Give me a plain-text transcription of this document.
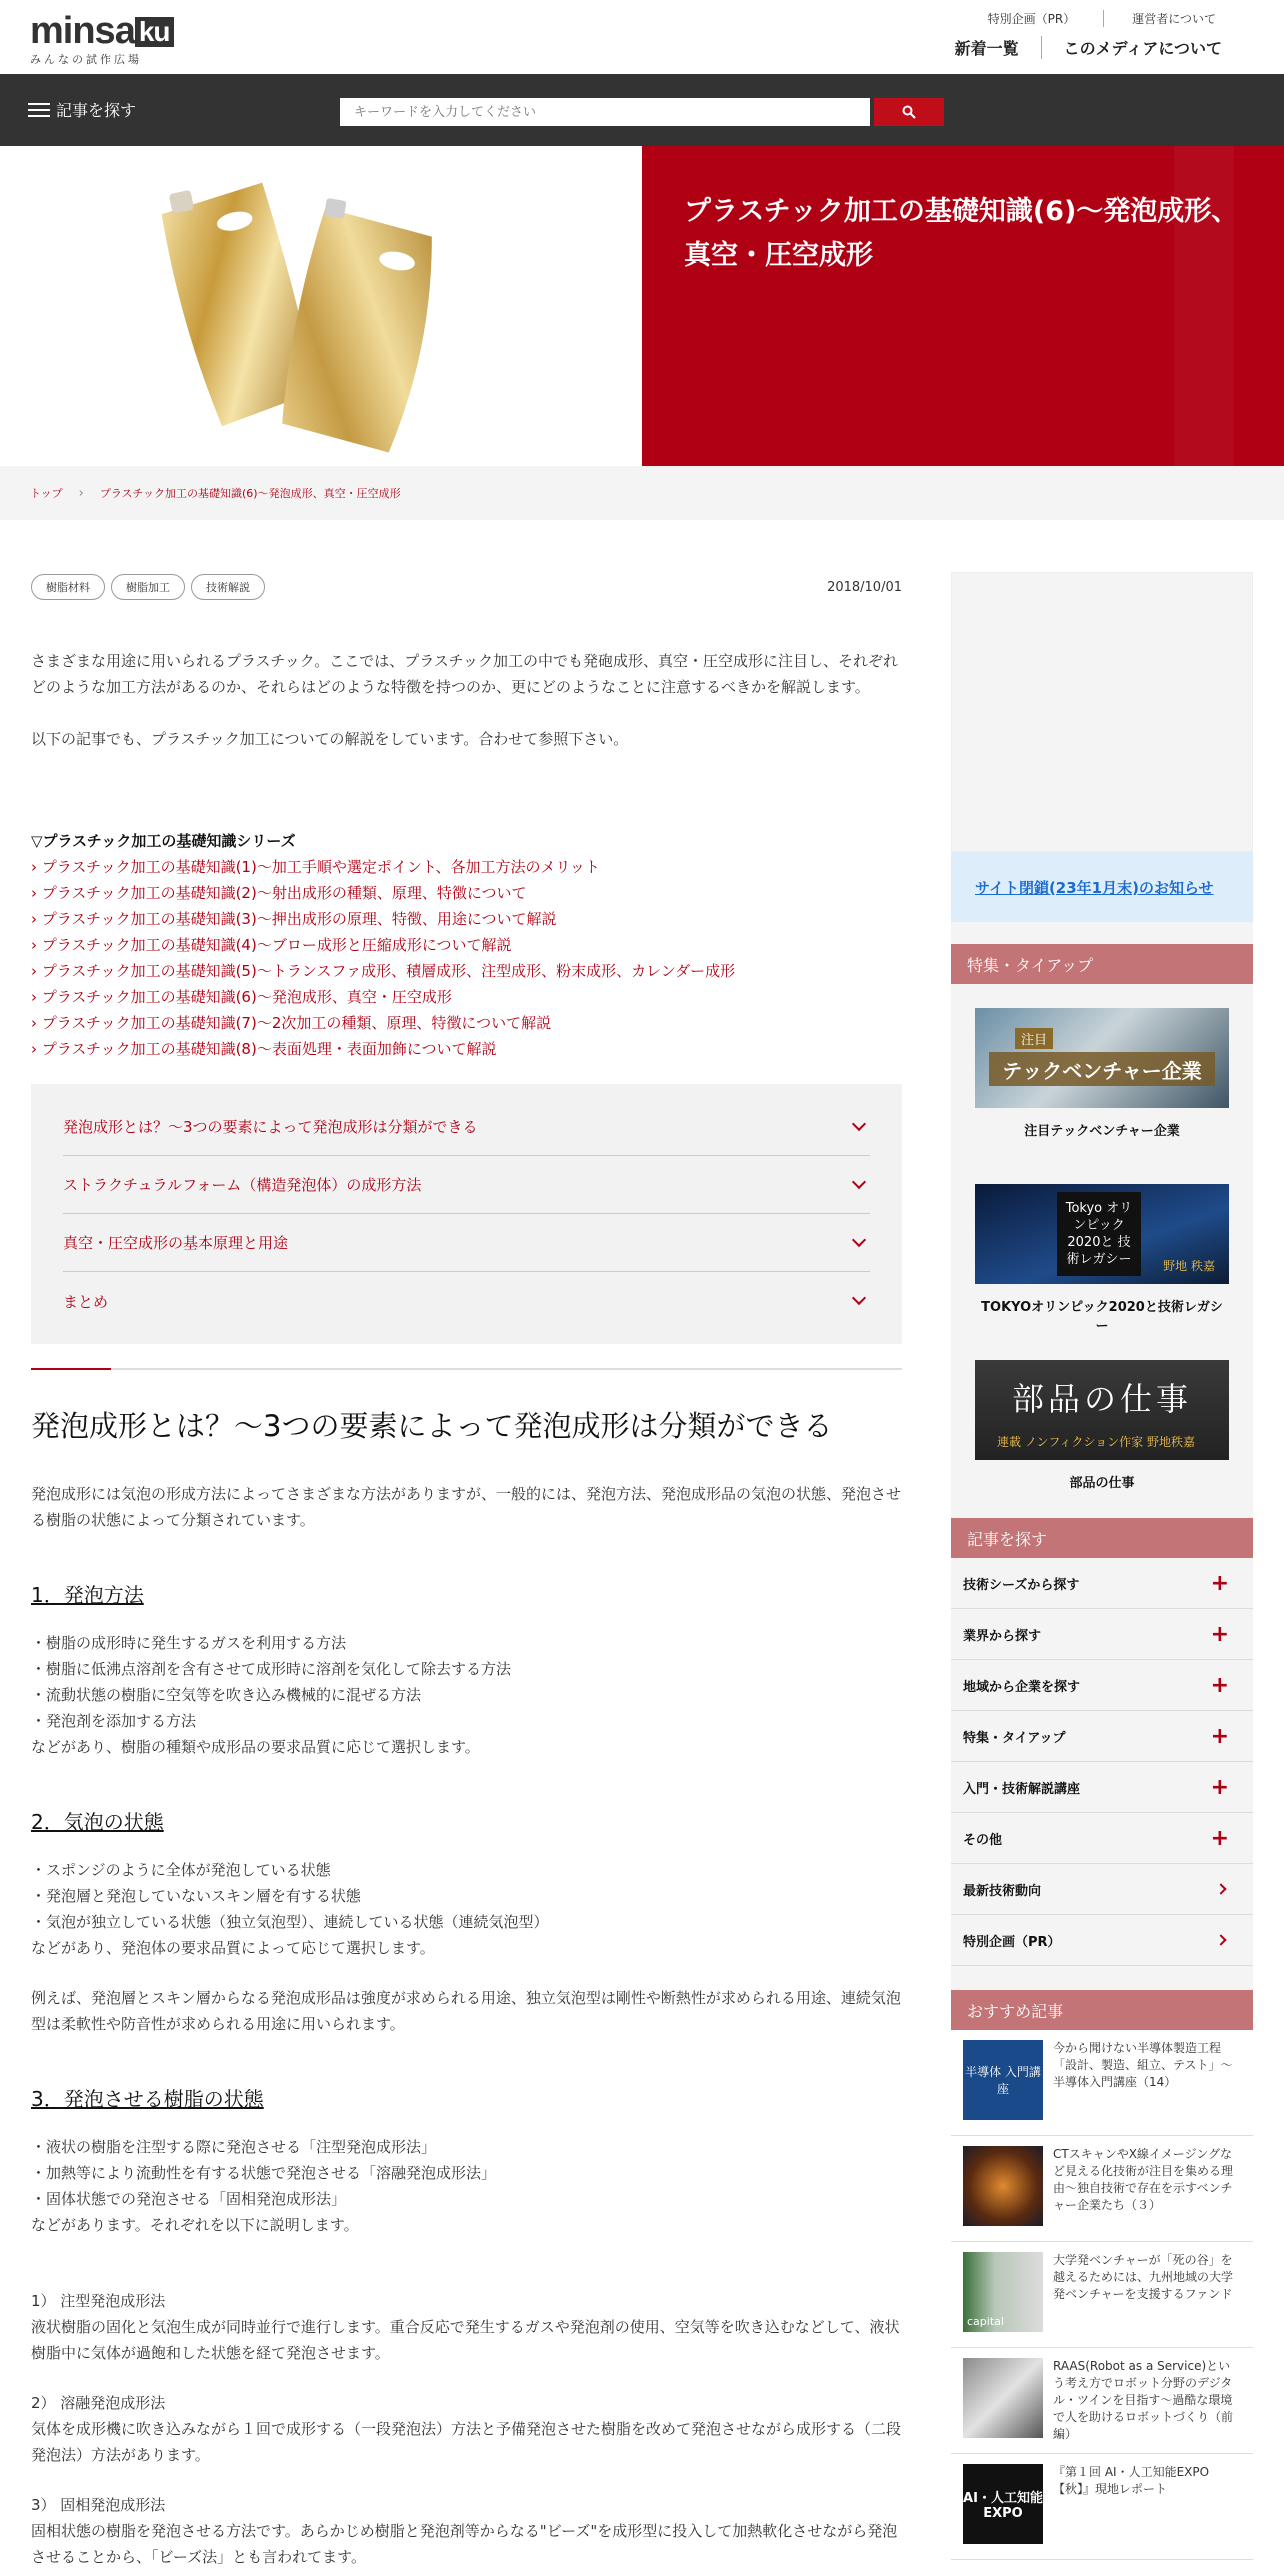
minsa ku
みんなの試作広場
特別企画（PR）	運営者について
新着一覧	このメディアについて
記事を探す
キーワードを入力してください
プラスチック加工の基礎知識(6)～発泡成形、真空・圧空成形
トップ › プラスチック加工の基礎知識(6)～発泡成形、真空・圧空成形
樹脂材料	樹脂加工	技術解説	2018/10/01

さまざまな用途に用いられるプラスチック。ここでは、プラスチック加工の中でも発砲成形、真空・圧空成形に注目し、それぞれどのような加工方法があるのか、それらはどのような特徴を持つのか、更にどのようなことに注意するべきかを解説します。

以下の記事でも、プラスチック加工についての解説をしています。合わせて参照下さい。

▽プラスチック加工の基礎知識シリーズ
› プラスチック加工の基礎知識(1)～加工手順や選定ポイント、各加工方法のメリット
› プラスチック加工の基礎知識(2)～射出成形の種類、原理、特徴について
› プラスチック加工の基礎知識(3)～押出成形の原理、特徴、用途について解説
› プラスチック加工の基礎知識(4)～ブロー成形と圧縮成形について解説
› プラスチック加工の基礎知識(5)～トランスファ成形、積層成形、注型成形、粉末成形、カレンダー成形
› プラスチック加工の基礎知識(6)～発泡成形、真空・圧空成形
› プラスチック加工の基礎知識(7)～2次加工の種類、原理、特徴について解説
› プラスチック加工の基礎知識(8)〜表面処理・表面加飾について解説
発泡成形とは？～3つの要素によって発泡成形は分類ができる
ストラクチュラルフォーム（構造発泡体）の成形方法
真空・圧空成形の基本原理と用途
まとめ
発泡成形とは？～3つの要素によって発泡成形は分類ができる

発泡成形には気泡の形成方法によってさまざまな方法がありますが、一般的には、発泡方法、発泡成形品の気泡の状態、発泡させる樹脂の状態によって分類されています。

1．発泡方法
・樹脂の成形時に発生するガスを利用する方法
・樹脂に低沸点溶剤を含有させて成形時に溶剤を気化して除去する方法
・流動状態の樹脂に空気等を吹き込み機械的に混ぜる方法
・発泡剤を添加する方法
などがあり、樹脂の種類や成形品の要求品質に応じて選択します。
2．気泡の状態
・スポンジのように全体が発泡している状態
・発泡層と発泡していないスキン層を有する状態
・気泡が独立している状態（独立気泡型）、連続している状態（連続気泡型）
などがあり、発泡体の要求品質によって応じて選択します。

例えば、発泡層とスキン層からなる発泡成形品は強度が求められる用途、独立気泡型は剛性や断熱性が求められる用途、連続気泡型は柔軟性や防音性が求められる用途に用いられます。

3．発泡させる樹脂の状態
・液状の樹脂を注型する際に発泡させる「注型発泡成形法」
・加熱等により流動性を有する状態で発泡させる「溶融発泡成形法」
・固体状態での発泡させる「固相発泡成形法」
などがあります。それぞれを以下に説明します。
1） 注型発泡成形法
液状樹脂の固化と気泡生成が同時並行で進行します。重合反応で発生するガスや発泡剤の使用、空気等を吹き込むなどして、液状樹脂中に気体が過飽和した状態を経て発泡させます。
2） 溶融発泡成形法
気体を成形機に吹き込みながら１回で成形する（一段発泡法）方法と予備発泡させた樹脂を改めて発泡させながら成形する（二段発泡法）方法があります。
3） 固相発泡成形法
固相状態の樹脂を発泡させる方法です。あらかじめ樹脂と発泡剤等からなる"ビーズ"を成形型に投入して加熱軟化させながら発泡させることから、「ビーズ法」とも言われてます。
サイト閉鎖(23年1月末)のお知らせ
特集・タイアップ
テックベンチャー企業
注目
注目テックベンチャー企業
Tokyo オリンピック 2020と 技術レガシー	野地 秩嘉
TOKYOオリンピック2020と技術レガシー
部品の仕事
連載 ノンフィクション作家 野地秩嘉
部品の仕事
記事を探す
技術シーズから探す	+
業界から探す	+
地域から企業を探す	+
特集・タイアップ	+
入門・技術解説講座	+
その他	+
最新技術動向
特別企画（PR）
おすすめ記事
半導体 入門講座
今から聞けない半導体製造工程「設計、製造、組立、テスト」〜半導体入門講座（14）
CTスキャンやX線イメージングなど見える化技術が注目を集める理由〜独自技術で存在を示すベンチャー企業たち（３）
capital
大学発ベンチャーが「死の谷」を越えるためには、九州地域の大学発ベンチャーを支援するファンド
RAAS(Robot as a Service)という考え方でロボット分野のデジタル・ツインを目指す〜過酷な環境で人を助けるロボットづくり（前編）
AI・人工知能 EXPO
『第１回 AI・人工知能EXPO【秋】』現地レポート
